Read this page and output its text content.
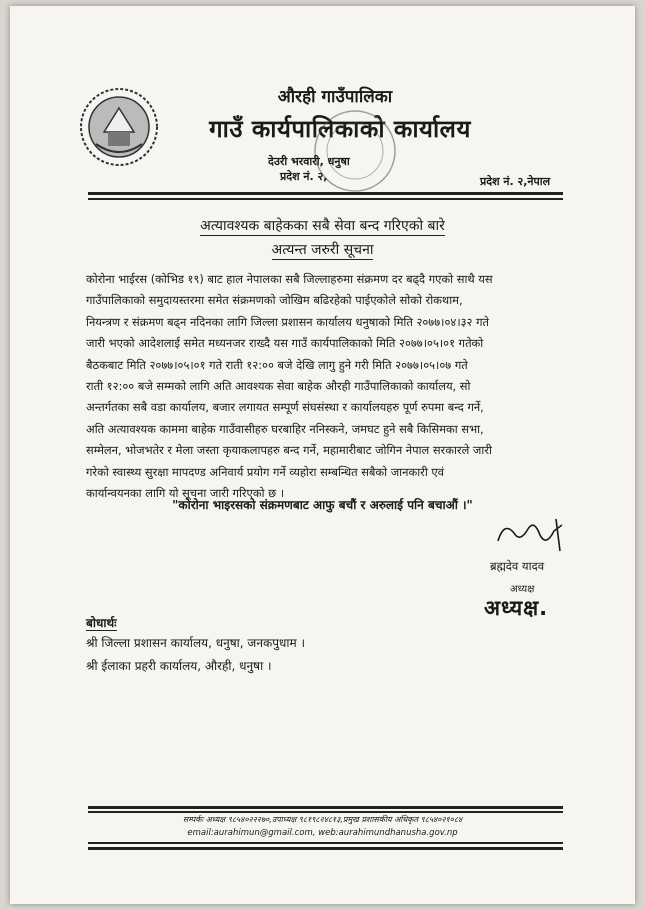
औरही गाउँपालिका
गाउँ कार्यपालिकाको कार्यालय
देउरी भरवारी, धनुषा
प्रदेश नं. २,	प्रदेश नं. २,नेपाल
अत्यावश्यक बाहेकका सबै सेवा बन्द गरिएको बारे
अत्यन्त जरुरी सूचना
कोरोना भाईरस (कोभिड १९) बाट हाल नेपालका सबै जिल्लाहरुमा संक्रमण दर बढ्दै गएको साथै यस
गाउँपालिकाको समुदायस्तरमा समेत संक्रमणको जोखिम बढिरहेको पाईएकोले सोको रोकथाम,
नियन्त्रण र संक्रमण बढ्न नदिनका लागि जिल्ला प्रशासन कार्यालय धनुषाको मिति २०७७।०४।३२ गते
जारी भएको आदेशलाई समेत मध्यनजर राख्दै यस गाउँ कार्यपालिकाको मिति २०७७।०५।०१ गतेको
बैठकबाट मिति २०७७।०५।०१ गते राती १२:०० बजे देखि लागु हुने गरी मिति २०७७।०५।०७ गते
राती १२:०० बजे सम्मको लागि अति आवश्यक सेवा बाहेक औरही गाउँपालिकाको कार्यालय, सो
अन्तर्गतका सबै वडा कार्यालय, बजार लगायत सम्पूर्ण संघसंस्था र कार्यालयहरु पूर्ण रुपमा बन्द गर्ने,
अति अत्यावश्यक काममा बाहेक गाउँवासीहरु घरबाहिर ननिस्कने, जमघट हुने सबै किसिमका सभा,
सम्मेलन, भोजभतेर र मेला जस्ता कृयाकलापहरु बन्द गर्ने, महामारीबाट जोगिन नेपाल सरकारले जारी
गरेको स्वास्थ्य सुरक्षा मापदण्ड अनिवार्य प्रयोग गर्ने व्यहोरा सम्बन्धित सबैको जानकारी एवं
कार्यान्वयनका लागि यो सूचना जारी गरिएको छ ।
"कोरोना भाइरसको संक्रमणबाट आफु बचौं र अरुलाई पनि बचाऔं ।"
ब्रह्मदेव यादव
अध्यक्ष
अध्यक्ष.
बोधार्थः
श्री जिल्ला प्रशासन कार्यालय, धनुषा, जनकपुधाम ।
श्री ईलाका प्रहरी कार्यालय, औरही, धनुषा ।
सम्पर्कः अध्यक्ष ९८५४०२२२७०,उपाध्यक्ष ९८१९८२४८१३,प्रमुख प्रशासकीय अधिकृत ९८५४०२१०८४
email:aurahimun@gmail.com, web:aurahimundhanusha.gov.np
